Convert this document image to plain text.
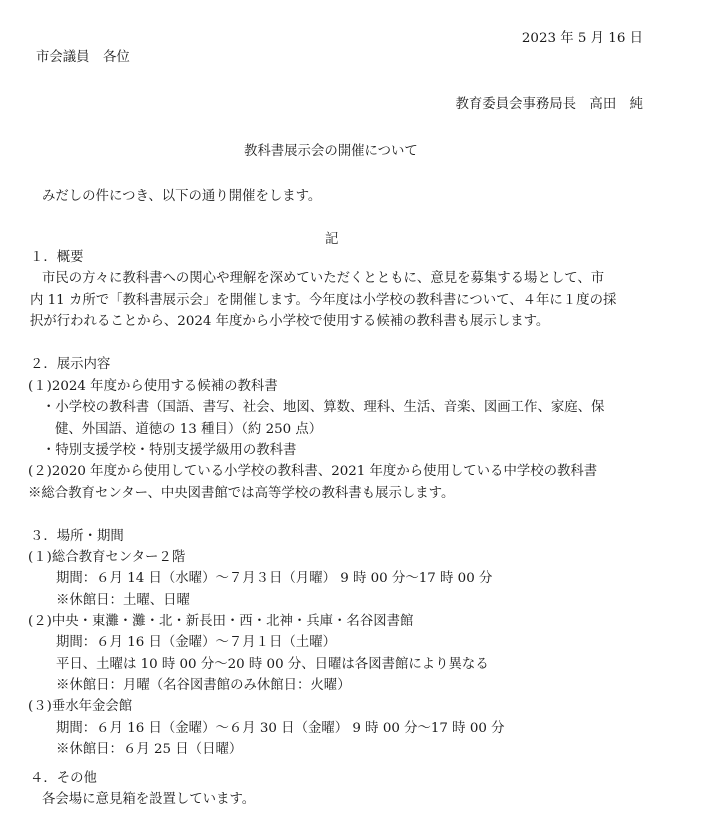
2023 年 5 月 16 日
市会議員　各位
教育委員会事務局長　高田　純
教科書展示会の開催について
みだしの件につき、以下の通り開催をします。
記
１．概要
市民の方々に教科書への関心や理解を深めていただくとともに、意見を募集する場として、市
内 11 カ所で「教科書展示会」を開催します。今年度は小学校の教科書について、４年に１度の採
択が行われることから、2024 年度から小学校で使用する候補の教科書も展示します。
２．展示内容
(１)2024 年度から使用する候補の教科書
・小学校の教科書（国語、書写、社会、地図、算数、理科、生活、音楽、図画工作、家庭、保
健、外国語、道徳の 13 種目）（約 250 点）
・特別支援学校・特別支援学級用の教科書
(２)2020 年度から使用している小学校の教科書、2021 年度から使用している中学校の教科書
※総合教育センター、中央図書館では高等学校の教科書も展示します。
３．場所・期間
(１)総合教育センター２階
期間：６月 14 日（水曜）～７月３日（月曜） 9 時 00 分～17 時 00 分
※休館日：土曜、日曜
(２)中央・東灘・灘・北・新長田・西・北神・兵庫・名谷図書館
期間：６月 16 日（金曜）～７月１日（土曜）
平日、土曜は 10 時 00 分～20 時 00 分、日曜は各図書館により異なる
※休館日：月曜（名谷図書館のみ休館日：火曜）
(３)垂水年金会館
期間：６月 16 日（金曜）～６月 30 日（金曜） 9 時 00 分～17 時 00 分
※休館日：６月 25 日（日曜）
４．その他
各会場に意見箱を設置しています。
